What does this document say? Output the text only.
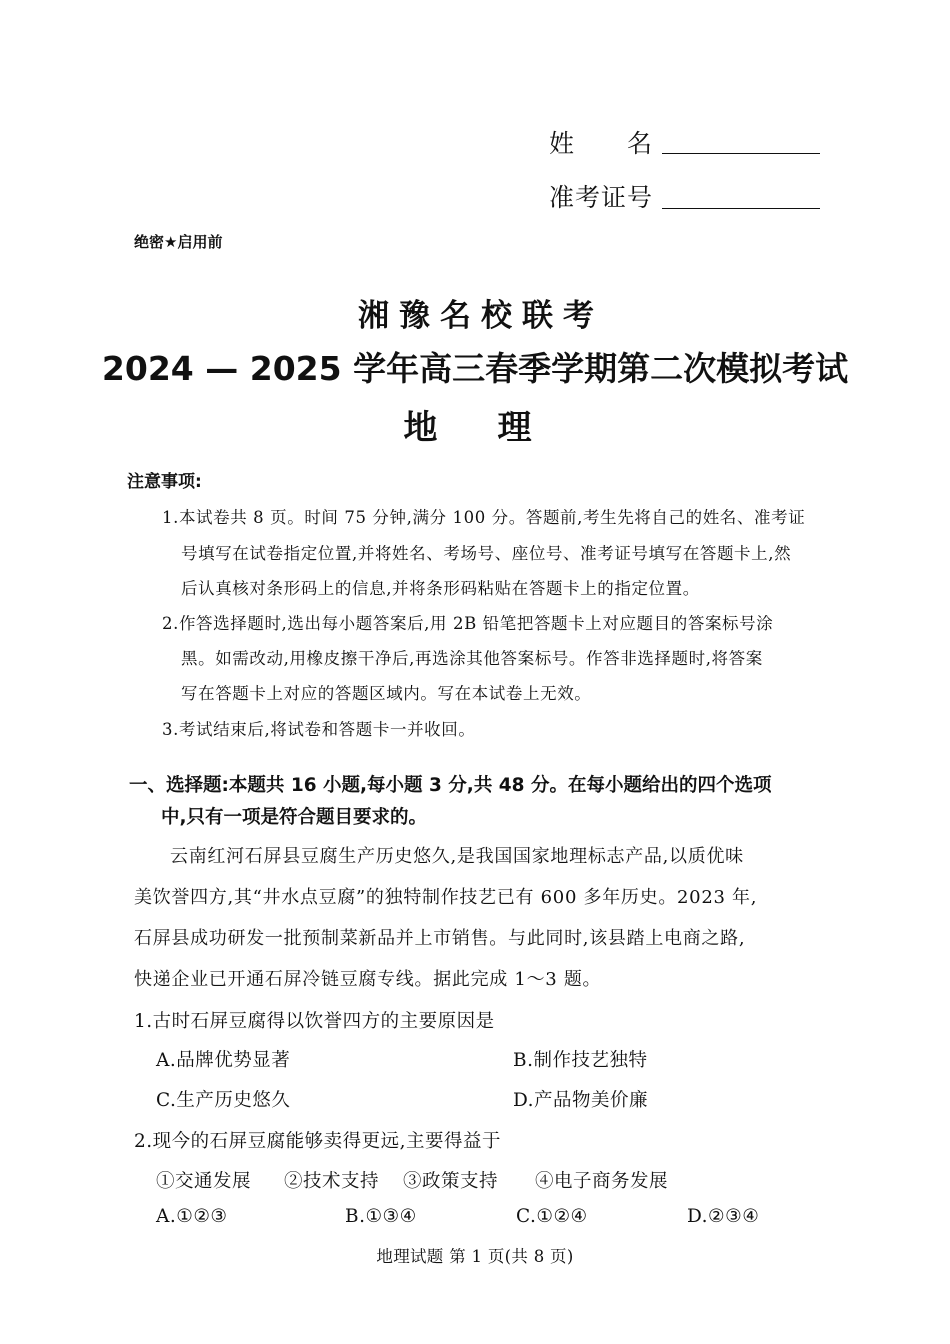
姓　　名
准考证号
绝密★启用前
湘豫名校联考
2024 — 2025 学年高三春季学期第二次模拟考试
地理
注意事项:
1.本试卷共 8 页。时间 75 分钟,满分 100 分。答题前,考生先将自己的姓名、准考证
号填写在试卷指定位置,并将姓名、考场号、座位号、准考证号填写在答题卡上,然
后认真核对条形码上的信息,并将条形码粘贴在答题卡上的指定位置。
2.作答选择题时,选出每小题答案后,用 2B 铅笔把答题卡上对应题目的答案标号涂
黑。如需改动,用橡皮擦干净后,再选涂其他答案标号。作答非选择题时,将答案
写在答题卡上对应的答题区域内。写在本试卷上无效。
3.考试结束后,将试卷和答题卡一并收回。
一、选择题:本题共 16 小题,每小题 3 分,共 48 分。在每小题给出的四个选项
中,只有一项是符合题目要求的。
云南红河石屏县豆腐生产历史悠久,是我国国家地理标志产品,以质优味
美饮誉四方,其“井水点豆腐”的独特制作技艺已有 600 多年历史。2023 年,
石屏县成功研发一批预制菜新品并上市销售。与此同时,该县踏上电商之路,
快递企业已开通石屏冷链豆腐专线。据此完成 1～3 题。
1.古时石屏豆腐得以饮誉四方的主要原因是
A.品牌优势显著	B.制作技艺独特
C.生产历史悠久	D.产品物美价廉
2.现今的石屏豆腐能够卖得更远,主要得益于
①交通发展 ②技术支持 ③政策支持 ④电子商务发展
A.①②③	B.①③④	C.①②④	D.②③④
地理试题 第 1 页(共 8 页)
